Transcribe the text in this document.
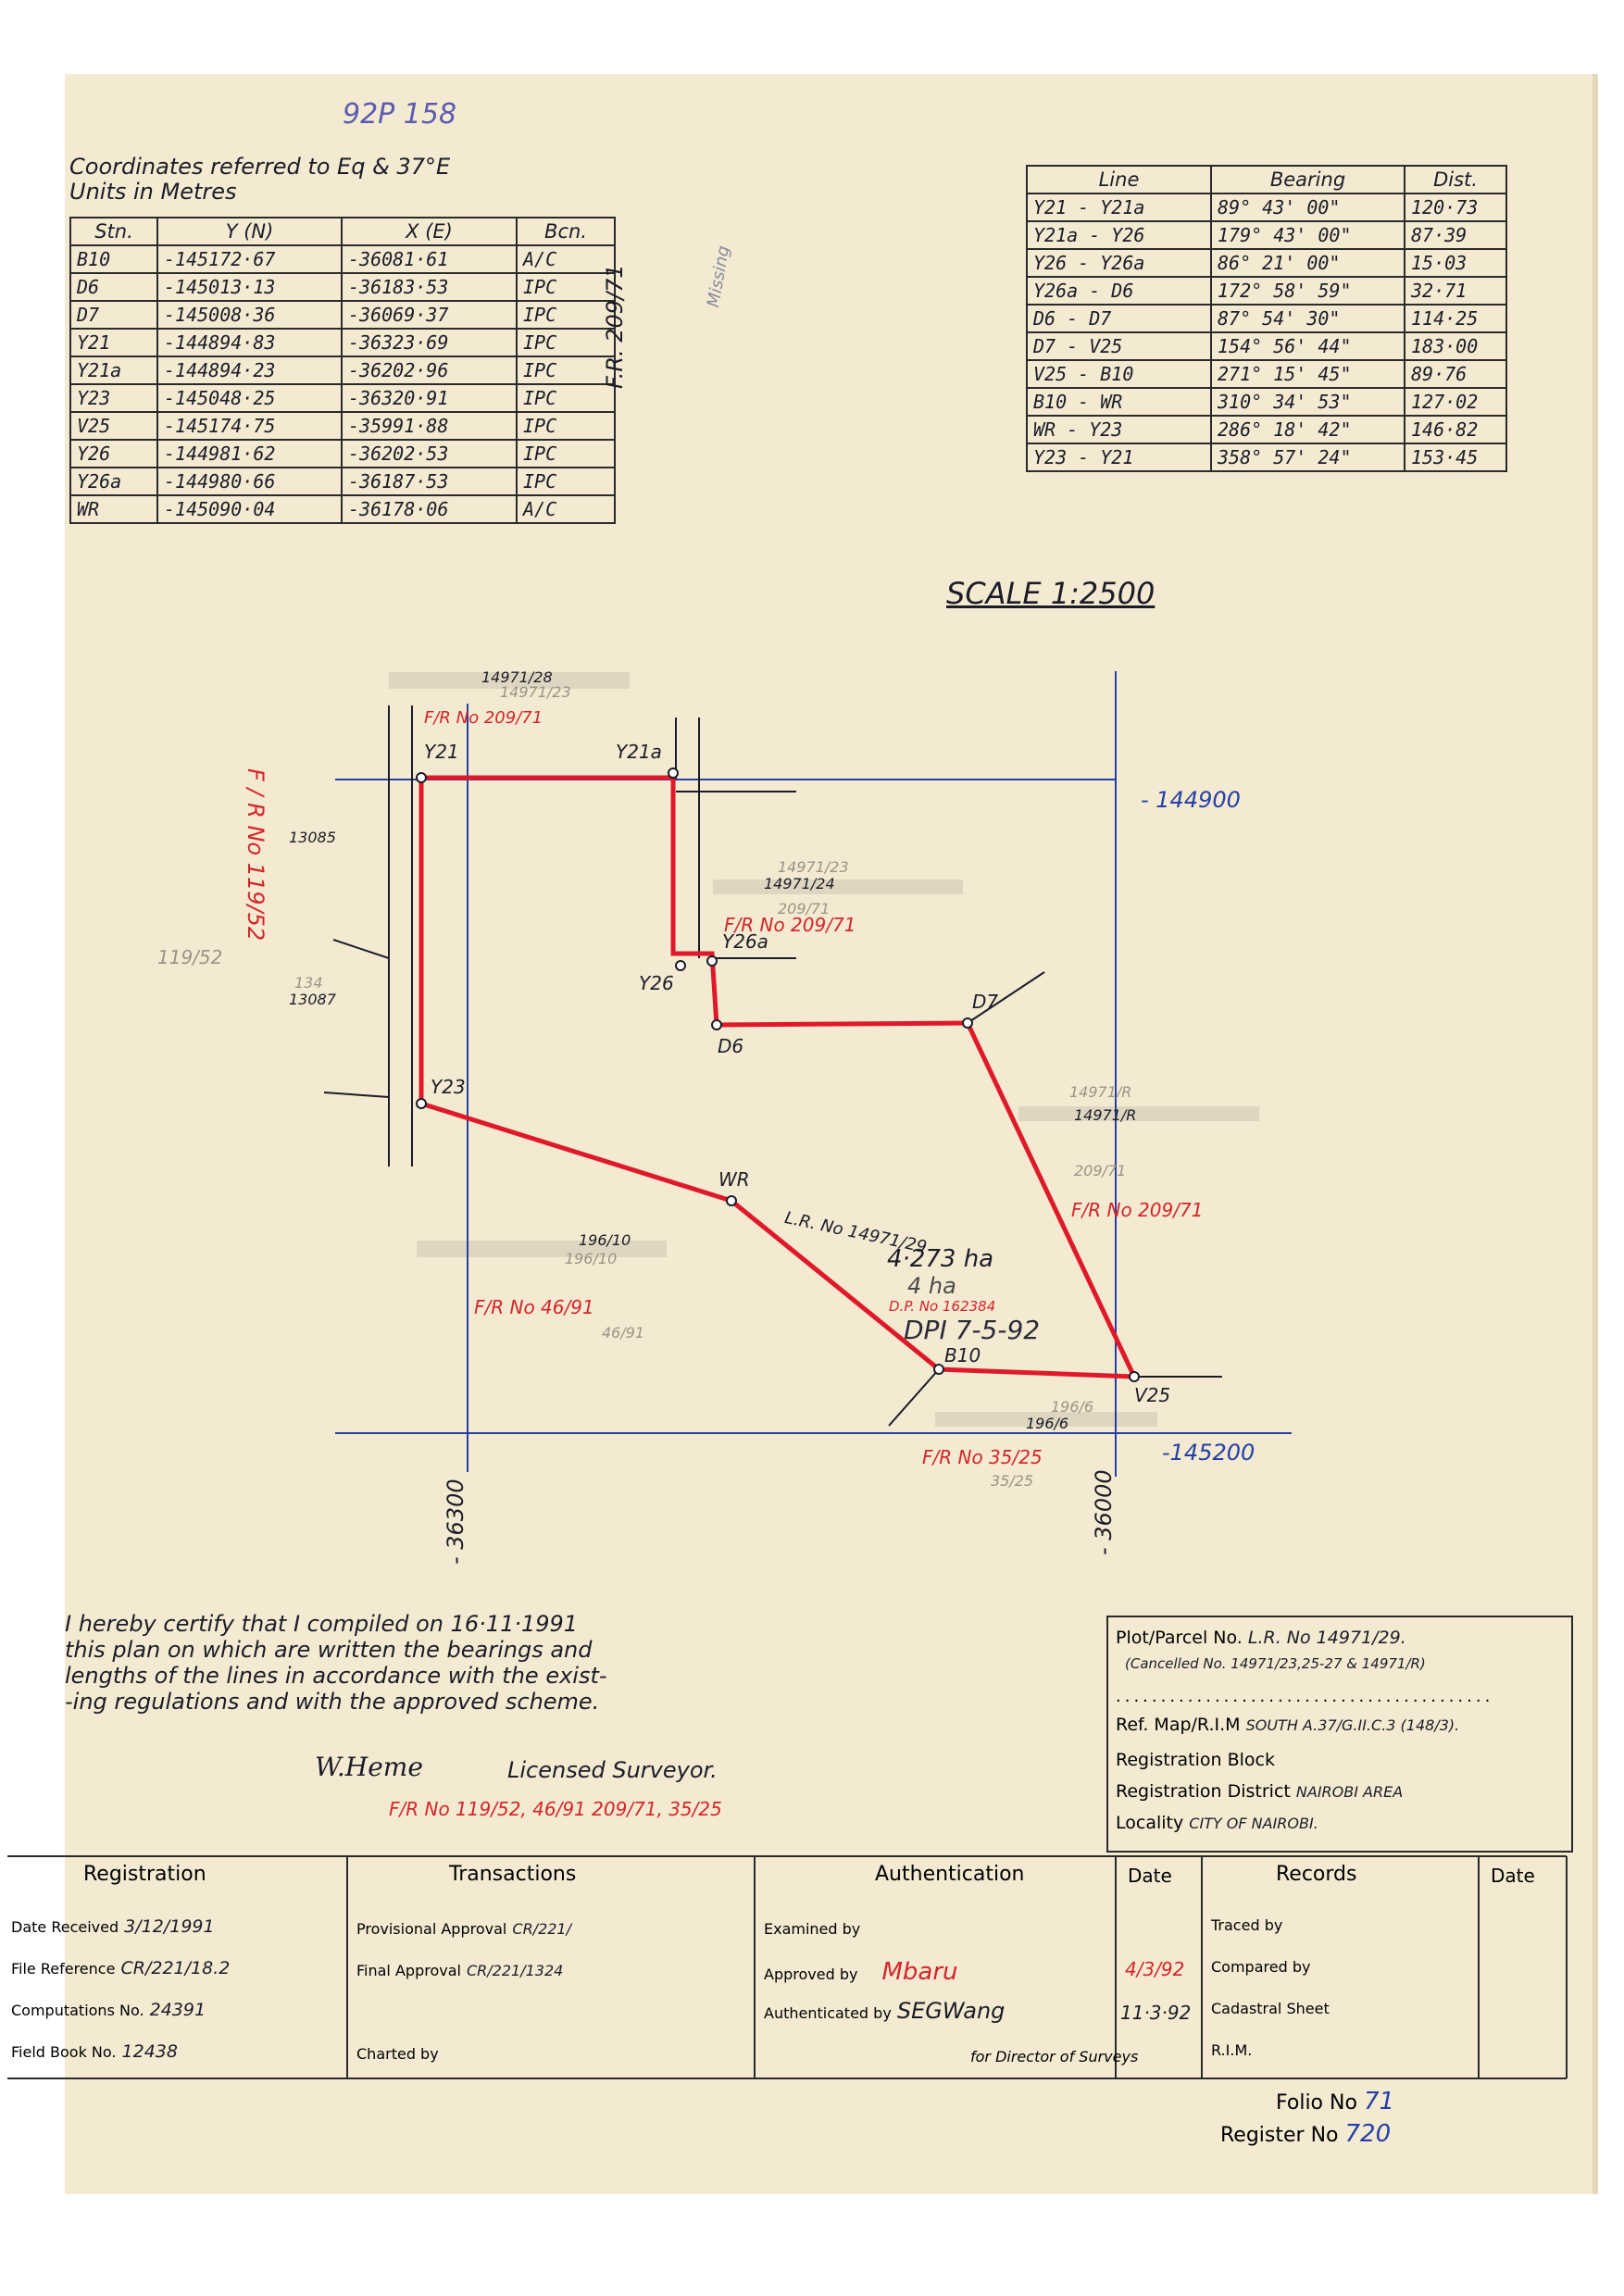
92P 158
Coordinates referred to Eq & 37°E
Units in Metres
Stn.	Y (N)	X (E)	Bcn.
B10	-145172·67	-36081·61	A/C
D6	-145013·13	-36183·53	IPC
D7	-145008·36	-36069·37	IPC
Y21	-144894·83	-36323·69	IPC
Y21a	-144894·23	-36202·96	IPC
Y23	-145048·25	-36320·91	IPC
V25	-145174·75	-35991·88	IPC
Y26	-144981·62	-36202·53	IPC
Y26a	-144980·66	-36187·53	IPC
WR	-145090·04	-36178·06	A/C
F.R. 209/71	Missing
Line	Bearing	Dist.
Y21 - Y21a	89° 43' 00"	120·73
Y21a - Y26	179° 43' 00"	87·39
Y26 - Y26a	86° 21' 00"	15·03
Y26a - D6	172° 58' 59"	32·71
D6 - D7	87° 54' 30"	114·25
D7 - V25	154° 56' 44"	183·00
V25 - B10	271° 15' 45"	89·76
B10 - WR	310° 34' 53"	127·02
WR - Y23	286° 18' 42"	146·82
Y23 - Y21	358° 57' 24"	153·45
SCALE 1:2500
Y21	Y21a
Y26
Y26a
D6
D7
Y23
WR
B10
V25
- 144900
-145200
- 36300	- 36000
14971/28
14971/23
14971/23
14971/24
14971/R
14971/R
F/R No 209/71
F/R No 209/71
209/71
F/R No 209/71
209/71
13085
134
13087
F / R No 119/52
119/52
L.R. No 14971/29
4·273 ha
4 ha
D.P. No 162384
DPI 7-5-92
196/10
196/10
F/R No 46/91
46/91
196/6
196/6
F/R No 35/25
35/25
I hereby certify that I compiled on 16·11·1991
this plan on which are written the bearings and
lengths of the lines in accordance with the exist-
-ing regulations and with the approved scheme.
W.Heme	Licensed Surveyor.
F/R No 119/52, 46/91 209/71, 35/25
Plot/Parcel No. L.R. No 14971/29.
(Cancelled No. 14971/23,25-27 & 14971/R)
..........................................
Ref. Map/R.I.M SOUTH A.37/G.II.C.3 (148/3).
Registration Block
Registration District NAIROBI AREA
Locality CITY OF NAIROBI.
Registration
Date Received 3/12/1991
File Reference CR/221/18.2
Computations No. 24391
Field Book No. 12438
Transactions
Provisional Approval CR/221/
Final Approval CR/221/1324
Charted by
Authentication
Examined by
Approved by Mbaru
Authenticated by SEGWang
for Director of Surveys
Date
4/3/92
11·3·92
Records
Traced by
Compared by
Cadastral Sheet
R.I.M.
Date
Folio No 71
Register No 720
